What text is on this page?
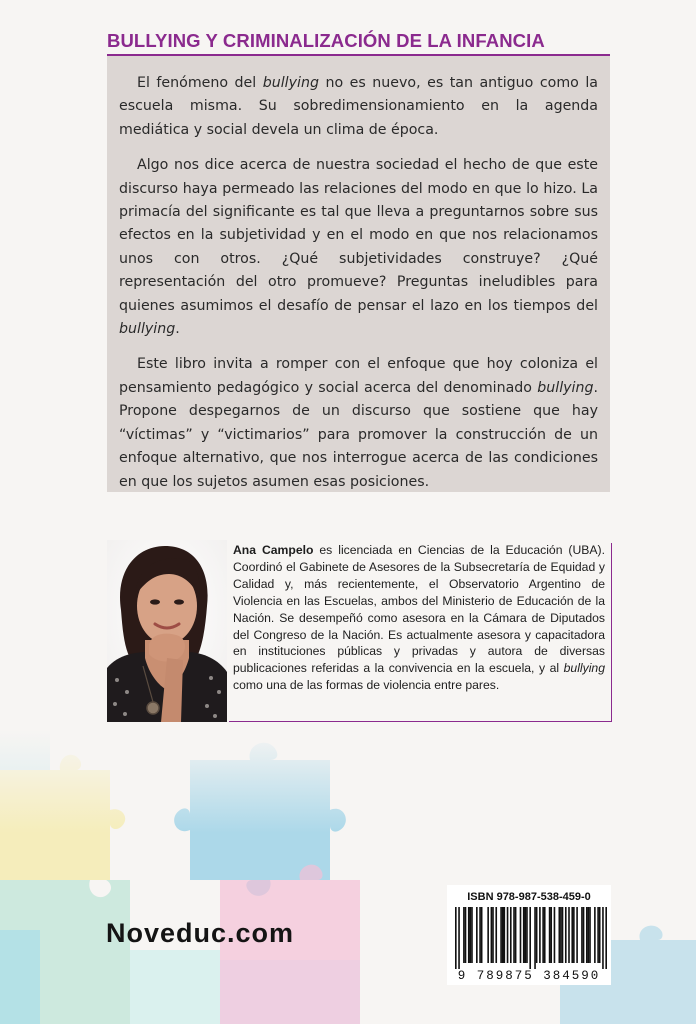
BULLYING Y CRIMINALIZACIÓN DE LA INFANCIA

El fenómeno del bullying no es nuevo, es tan antiguo como la escuela misma. Su sobredimensionamiento en la agenda mediática y social devela un clima de época.

Algo nos dice acerca de nuestra sociedad el hecho de que este discurso haya permeado las relaciones del modo en que lo hizo. La primacía del significante es tal que lleva a preguntarnos sobre sus efectos en la subjetividad y en el modo en que nos relacionamos unos con otros. ¿Qué subjetividades construye? ¿Qué representación del otro promueve? Preguntas ineludibles para quienes asumimos el desafío de pensar el lazo en los tiempos del bullying.

Este libro invita a romper con el enfoque que hoy coloniza el pensamiento pedagógico y social acerca del denominado bullying. Propone despegarnos de un discurso que sostiene que hay “víctimas” y “victimarios” para promover la construcción de un enfoque alternativo, que nos interrogue acerca de las condiciones en que los sujetos asumen esas posiciones.

Ana Campelo es licenciada en Ciencias de la Educación (UBA). Coordinó el Gabinete de Asesores de la Subsecretaría de Equidad y Calidad y, más recientemente, el Observatorio Argentino de Violencia en las Escuelas, ambos del Ministerio de Educación de la Nación. Se desempeñó como asesora en la Cámara de Diputados del Congreso de la Nación. Es actualmente asesora y capacitadora en instituciones públicas y privadas y autora de diversas publicaciones referidas a la convivencia en la escuela, y al bullying como una de las formas de violencia entre pares.
Noveduc.com
ISBN 978-987-538-459-0
9 789875 384590
